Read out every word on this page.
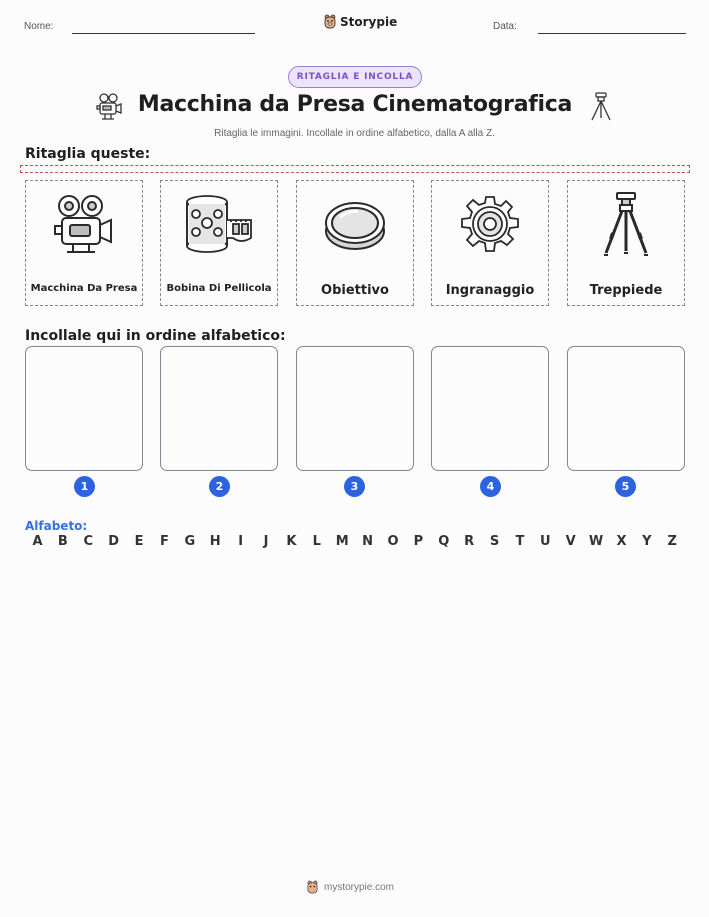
Nome:	Storypie	Data:
RITAGLIA E INCOLLA
Macchina da Presa Cinematografica
Ritaglia le immagini. Incollale in ordine alfabetico, dalla A alla Z.
Ritaglia queste:
Macchina Da Presa	Bobina Di Pellicola	Obiettivo	Ingranaggio	Treppiede
Incollale qui in ordine alfabetico:
1	2	3	4	5
Alfabeto:
A	B	C	D	E	F	G	H	I	J	K	L	M	N	O	P	Q	R	S	T	U	V	W	X	Y	Z
mystorypie.com
